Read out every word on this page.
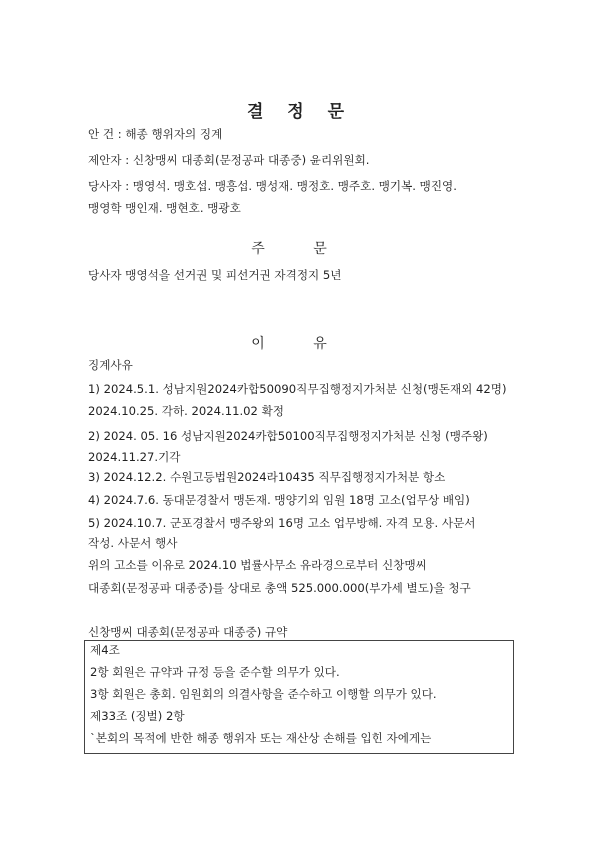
결 정 문
안 건 : 해종 행위자의 징계
제안자 : 신창맹씨 대종회(문정공파 대종중) 윤리위원회.
당사자 : 맹영석. 맹호섭. 맹흥섭. 맹성재. 맹정호. 맹주호. 맹기복. 맹진영.
맹영학 맹인재. 맹현호. 맹광호
주 문
당사자 맹영석을 선거권 및 피선거권 자격정지 5년
이 유
징계사유
1) 2024.5.1. 성남지원2024카합50090직무집행정지가처분 신청(맹돈재외 42명)
2024.10.25. 각하. 2024.11.02 확정
2) 2024. 05. 16 성남지원2024카합50100직무집행정지가처분 신청 (맹주왕)
2024.11.27.기각
3) 2024.12.2. 수원고등법원2024라10435 직무집행정지가처분 항소
4) 2024.7.6. 동대문경찰서 맹돈재. 맹양기외 임원 18명 고소(업무상 배임)
5) 2024.10.7. 군포경찰서 맹주왕외 16명 고소 업무방해. 자격 모용. 사문서
작성. 사문서 행사
위의 고소를 이유로 2024.10 법률사무소 유라경으로부터 신창맹씨
대종회(문정공파 대종중)를 상대로 총액 525.000.000(부가세 별도)을 청구
신창맹씨 대종회(문정공파 대종중) 규약
제4조
2항 회원은 규약과 규정 등을 준수할 의무가 있다.
3항 회원은 총회. 임원회의 의결사항을 준수하고 이행할 의무가 있다.
제33조 (징벌) 2항
`본회의 목적에 반한 해종 행위자 또는 재산상 손해를 입힌 자에게는
